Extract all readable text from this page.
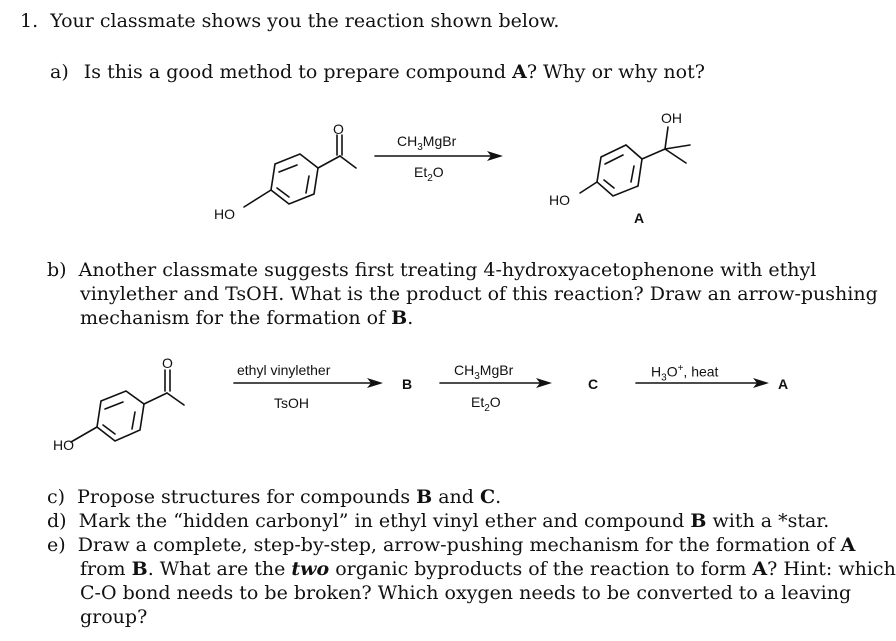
1. Your classmate shows you the reaction shown below.
a) Is this a good method to prepare compound A? Why or why not?
b) Another classmate suggests first treating 4-hydroxyacetophenone with ethyl
vinylether and TsOH. What is the product of this reaction? Draw an arrow-pushing
mechanism for the formation of B.
c) Propose structures for compounds B and C.
d) Mark the “hidden carbonyl” in ethyl vinyl ether and compound B with a *star.
e) Draw a complete, step-by-step, arrow-pushing mechanism for the formation of A
from B. What are the two organic byproducts of the reaction to form A? Hint: which
C-O bond needs to be broken? Which oxygen needs to be converted to a leaving
group?
HO
O
$CH_3MgBr$
$Et_2O$
HO
OH
A
HO
O	ethyl vinylether
TsOH
B
$CH_3MgBr$
$Et_2O$
C
$H_3O^+$, heat
A
